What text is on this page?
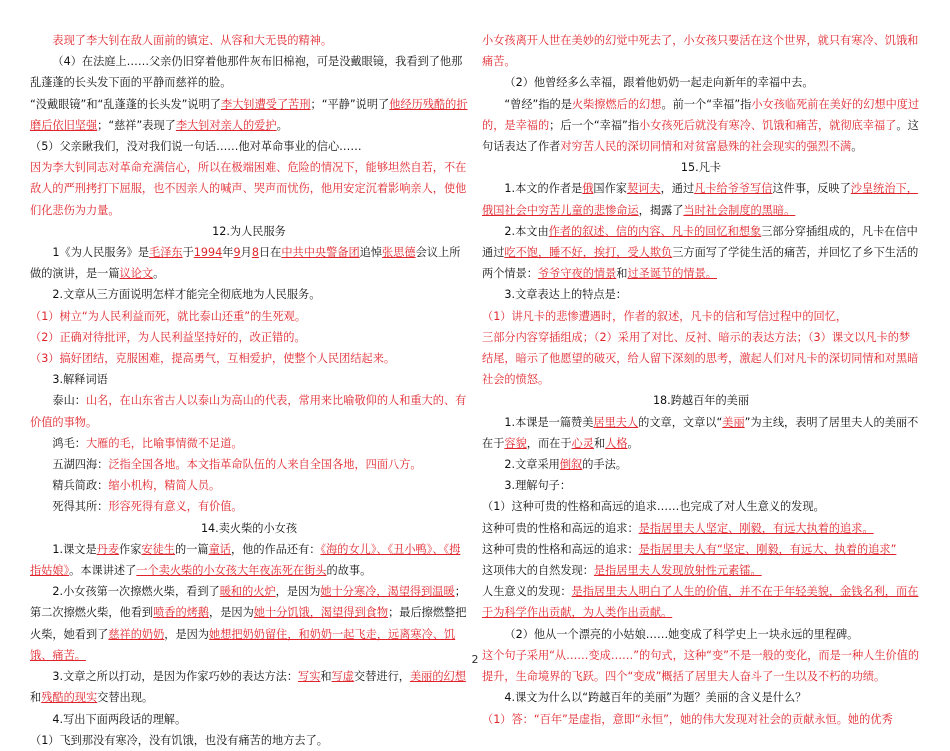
表现了李大钊在敌人面前的镇定、从容和大无畏的精神。

（4）在法庭上……父亲仍旧穿着他那件灰布旧棉袍，可是没戴眼镜，我看到了他那乱蓬蓬的长头发下面的平静而慈祥的脸。

“没戴眼镜”和“乱蓬蓬的长头发”说明了李大钊遭受了苦刑；“平静”说明了他经历残酷的折磨后依旧坚强；“慈祥”表现了李大钊对亲人的爱护。

（5）父亲瞅我们，没对我们说一句话……他对革命事业的信心……

因为李大钊同志对革命充满信心，所以在极端困难、危险的情况下，能够坦然自若，不在敌人的严刑拷打下屈服，也不因亲人的喊声、哭声而忧伤，他用安定沉着影响亲人，使他们化悲伤为力量。

12.为人民服务

1《为人民服务》是毛泽东于1994年9月8日在中共中央警备团追悼张思德会议上所做的演讲，是一篇议论文。

2.文章从三方面说明怎样才能完全彻底地为人民服务。

（1）树立“为人民利益而死，就比泰山还重”的生死观。

（2）正确对待批评，为人民利益坚持好的，改正错的。

（3）搞好团结，克服困难，提高勇气，互相爱护，使整个人民团结起来。

3.解释词语

泰山：山名，在山东省古人以泰山为高山的代表，常用来比喻敬仰的人和重大的、有价值的事物。

鸿毛：大雁的毛，比喻事情微不足道。

五湖四海：泛指全国各地。本文指革命队伍的人来自全国各地，四面八方。

精兵简政：缩小机构，精简人员。

死得其所：形容死得有意义，有价值。

14.卖火柴的小女孩

1.课文是丹麦作家安徒生的一篇童话，他的作品还有：《海的女儿》、《丑小鸭》、《拇指姑娘》。本课讲述了一个卖火柴的小女孩大年夜冻死在街头的故事。

2.小女孩第一次擦燃火柴，看到了暖和的火炉，是因为她十分寒冷，渴望得到温暖；第二次擦燃火柴，他看到喷香的烤鹅，是因为她十分饥饿，渴望得到食物；最后擦燃整把火柴，她看到了慈祥的奶奶，是因为她想把奶奶留住，和奶奶一起飞走，远离寒冷、饥饿、痛苦。

3.文章之所以打动，是因为作家巧妙的表达方法：写实和写虚交替进行，美丽的幻想和残酷的现实交替出现。

4.写出下面两段话的理解。

（1）飞到那没有寒冷，没有饥饿，也没有痛苦的地方去了。

小女孩离开人世在美妙的幻觉中死去了，小女孩只要活在这个世界，就只有寒冷、饥饿和痛苦。

（2）他曾经多么幸福，跟着他奶奶一起走向新年的幸福中去。

“曾经”指的是火柴擦燃后的幻想。前一个“幸福”指小女孩临死前在美好的幻想中度过的，是幸福的；后一个“幸福”指小女孩死后就没有寒冷、饥饿和痛苦，就彻底幸福了。这句话表达了作者对穷苦人民的深切同情和对贫富悬殊的社会现实的强烈不满。

15.凡卡

1.本文的作者是俄国作家契诃夫，通过凡卡给爷爷写信这件事，反映了沙皇统治下，俄国社会中穷苦儿童的悲惨命运，揭露了当时社会制度的黑暗。

2.本文由作者的叙述、信的内容、凡卡的回忆和想象三部分穿插组成的，凡卡在信中通过吃不饱，睡不好，挨打，受人欺负三方面写了学徒生活的痛苦，并回忆了乡下生活的两个情景：爷爷守夜的情景和过圣诞节的情景。

3.文章表达上的特点是：

（1）讲凡卡的悲惨遭遇时，作者的叙述，凡卡的信和写信过程中的回忆，

三部分内容穿插组成；（2）采用了对比、反衬、暗示的表达方法；（3）课文以凡卡的梦结尾，暗示了他愿望的破灭，给人留下深刻的思考，激起人们对凡卡的深切同情和对黑暗社会的愤怒。

18.跨越百年的美丽

1.本课是一篇赞美居里夫人的文章，文章以“美丽”为主线，表明了居里夫人的美丽不在于容貌，而在于心灵和人格。

2.文章采用倒叙的手法。

3.理解句子：

（1）这种可贵的性格和高远的追求……也完成了对人生意义的发现。

这种可贵的性格和高远的追求：是指居里夫人坚定、刚毅，有远大执着的追求。

这种可贵的性格和高远的追求：是指居里夫人有“坚定、刚毅，有远大、执着的追求”

这项伟大的自然发现：是指居里夫人发现放射性元素镭。

人生意义的发现：是指居里夫人明白了人生的价值，并不在于年轻美貌，金钱名利，而在于为科学作出贡献，为人类作出贡献。

（2）他从一个漂亮的小姑娘……她变成了科学史上一块永远的里程碑。

这个句子采用“从……变成……”的句式，这种“变”不是一般的变化，而是一种人生价值的提升，生命境界的飞跃。四个“变成”概括了居里夫人奋斗了一生以及不朽的功绩。

4.课文为什么以“跨越百年的美丽”为题？美丽的含义是什么？

（1）答：“百年”是虚指，意即“永恒”，她的伟大发现对社会的贡献永恒。她的优秀

2
